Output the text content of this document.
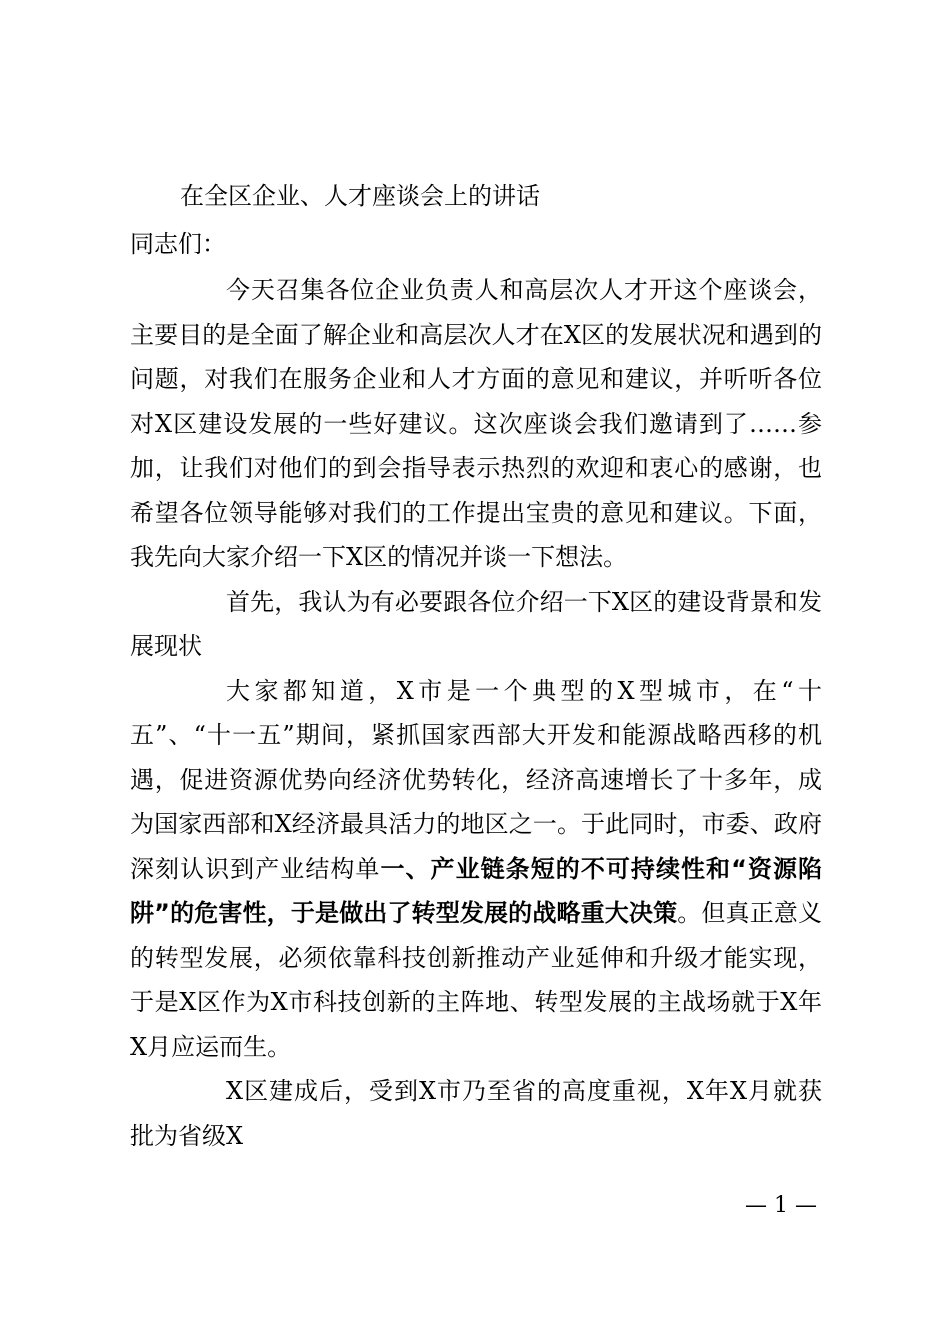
在全区企业、人才座谈会上的讲话
同志们：

今天召集各位企业负责人和高层次人才开这个座谈会，主要目的是全面了解企业和高层次人才在X区的发展状况和遇到的问题，对我们在服务企业和人才方面的意见和建议，并听听各位对X区建设发展的一些好建议。这次座谈会我们邀请到了……参加，让我们对他们的到会指导表示热烈的欢迎和衷心的感谢，也希望各位领导能够对我们的工作提出宝贵的意见和建议。下面，我先向大家介绍一下X区的情况并谈一下想法。

首先，我认为有必要跟各位介绍一下X区的建设背景和发展现状

大家都知道，X市是一个典型的X型城市，在“十五”、“十一五”期间，紧抓国家西部大开发和能源战略西移的机遇，促进资源优势向经济优势转化，经济高速增长了十多年，成为国家西部和X经济最具活力的地区之一。于此同时，市委、政府深刻认识到产业结构单一、产业链条短的不可持续性和“资源陷阱”的危害性，于是做出了转型发展的战略重大决策。但真正意义的转型发展，必须依靠科技创新推动产业延伸和升级才能实现，于是X区作为X市科技创新的主阵地、转型发展的主战场就于X年X月应运而生。

X区建成后，受到X市乃至省的高度重视，X年X月就获批为省级X

— 1 —
